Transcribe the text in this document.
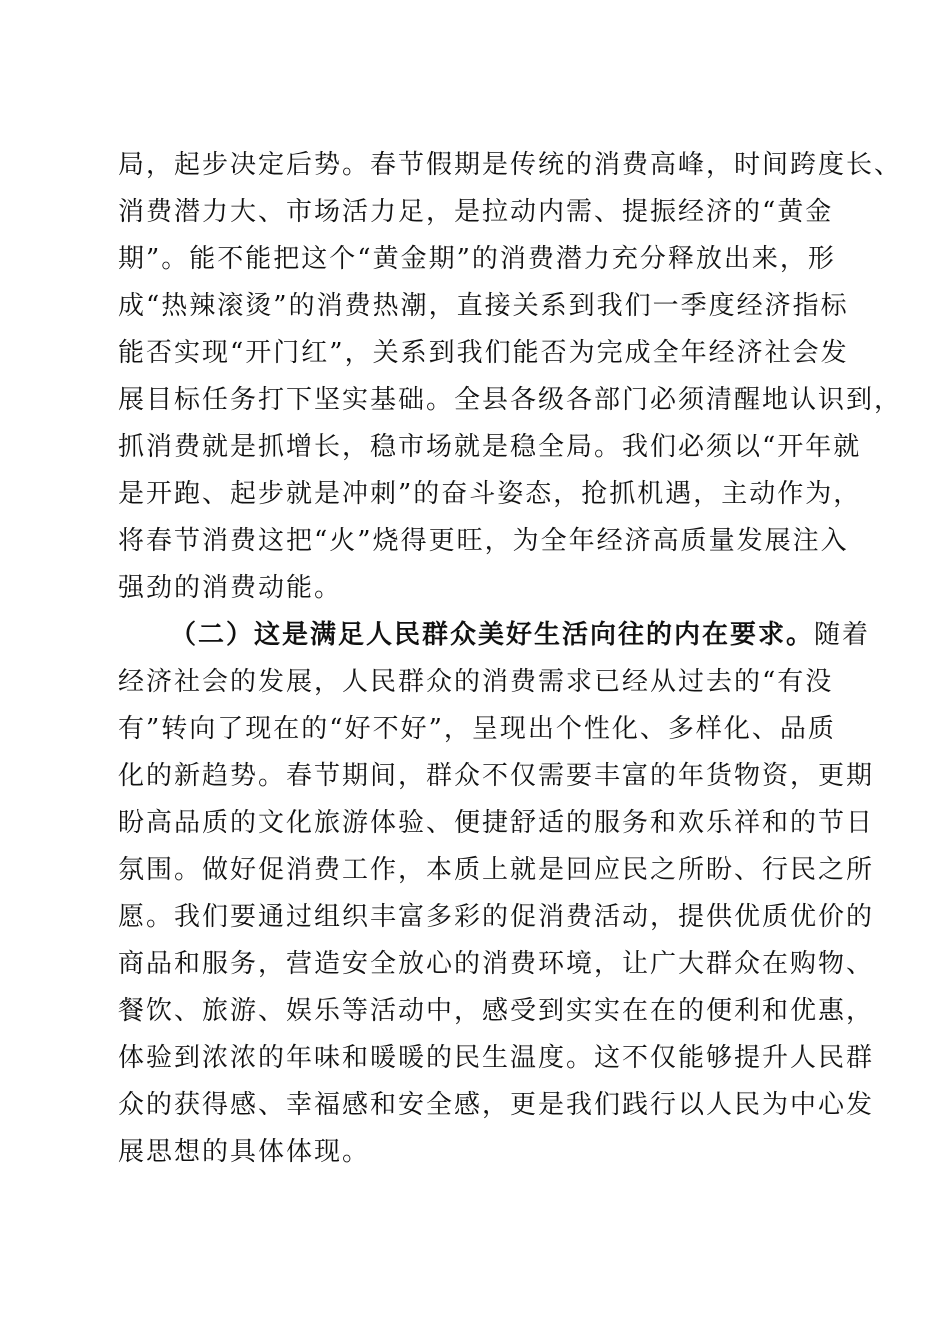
局，起步决定后势。春节假期是传统的消费高峰，时间跨度长、
消费潜力大、市场活力足，是拉动内需、提振经济的“黄金
期”。能不能把这个“黄金期”的消费潜力充分释放出来，形
成“热辣滚烫”的消费热潮，直接关系到我们一季度经济指标
能否实现“开门红”，关系到我们能否为完成全年经济社会发
展目标任务打下坚实基础。全县各级各部门必须清醒地认识到，
抓消费就是抓增长，稳市场就是稳全局。我们必须以“开年就
是开跑、起步就是冲刺”的奋斗姿态，抢抓机遇，主动作为，
将春节消费这把“火”烧得更旺，为全年经济高质量发展注入
强劲的消费动能。
（二）这是满足人民群众美好生活向往的内在要求。随着
经济社会的发展，人民群众的消费需求已经从过去的“有没
有”转向了现在的“好不好”，呈现出个性化、多样化、品质
化的新趋势。春节期间，群众不仅需要丰富的年货物资，更期
盼高品质的文化旅游体验、便捷舒适的服务和欢乐祥和的节日
氛围。做好促消费工作，本质上就是回应民之所盼、行民之所
愿。我们要通过组织丰富多彩的促消费活动，提供优质优价的
商品和服务，营造安全放心的消费环境，让广大群众在购物、
餐饮、旅游、娱乐等活动中，感受到实实在在的便利和优惠，
体验到浓浓的年味和暖暖的民生温度。这不仅能够提升人民群
众的获得感、幸福感和安全感，更是我们践行以人民为中心发
展思想的具体体现。
